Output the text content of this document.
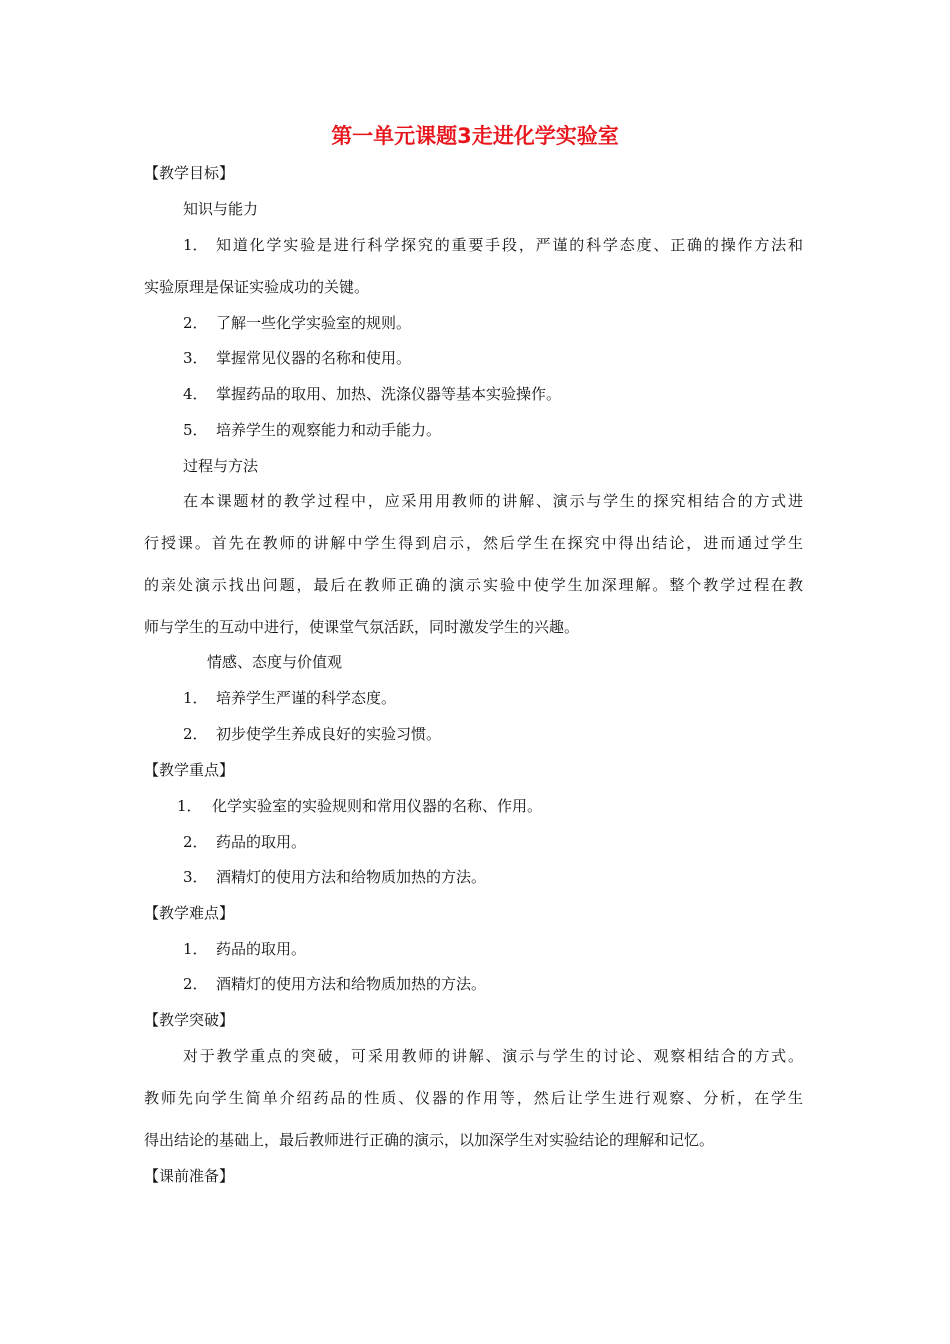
第一单元课题3走进化学实验室
【教学目标】
知识与能力
1． 知道化学实验是进行科学探究的重要手段，严谨的科学态度、正确的操作方法和
实验原理是保证实验成功的关键。
2． 了解一些化学实验室的规则。
3． 掌握常见仪器的名称和使用。
4． 掌握药品的取用、加热、洗涤仪器等基本实验操作。
5． 培养学生的观察能力和动手能力。
过程与方法
在本课题材的教学过程中，应采用用教师的讲解、演示与学生的探究相结合的方式进
行授课。首先在教师的讲解中学生得到启示，然后学生在探究中得出结论，进而通过学生
的亲处演示找出问题，最后在教师正确的演示实验中使学生加深理解。整个教学过程在教
师与学生的互动中进行，使课堂气氛活跃，同时激发学生的兴趣。
情感、态度与价值观
1． 培养学生严谨的科学态度。
2． 初步使学生养成良好的实验习惯。
【教学重点】
1． 化学实验室的实验规则和常用仪器的名称、作用。
2． 药品的取用。
3． 酒精灯的使用方法和给物质加热的方法。
【教学难点】
1． 药品的取用。
2． 酒精灯的使用方法和给物质加热的方法。
【教学突破】
对于教学重点的突破，可采用教师的讲解、演示与学生的讨论、观察相结合的方式。
教师先向学生简单介绍药品的性质、仪器的作用等，然后让学生进行观察、分析，在学生
得出结论的基础上，最后教师进行正确的演示，以加深学生对实验结论的理解和记忆。
【课前准备】
